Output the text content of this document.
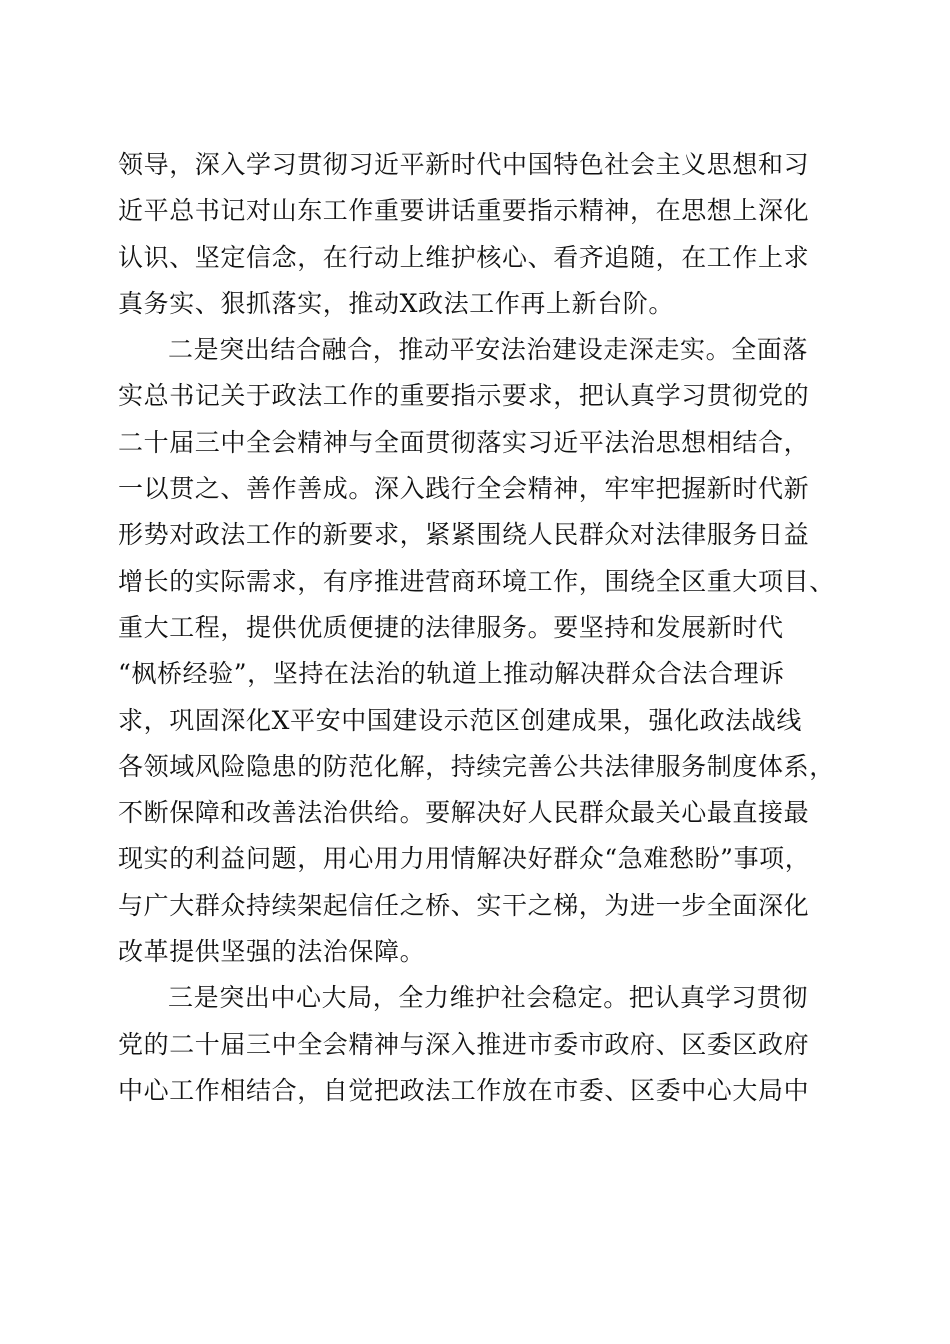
领导，深入学习贯彻习近平新时代中国特色社会主义思想和习
近平总书记对山东工作重要讲话重要指示精神，在思想上深化
认识、坚定信念，在行动上维护核心、看齐追随，在工作上求
真务实、狠抓落实，推动X政法工作再上新台阶。
二是突出结合融合，推动平安法治建设走深走实。全面落
实总书记关于政法工作的重要指示要求，把认真学习贯彻党的
二十届三中全会精神与全面贯彻落实习近平法治思想相结合，
一以贯之、善作善成。深入践行全会精神，牢牢把握新时代新
形势对政法工作的新要求，紧紧围绕人民群众对法律服务日益
增长的实际需求，有序推进营商环境工作，围绕全区重大项目、
重大工程，提供优质便捷的法律服务。要坚持和发展新时代
“枫桥经验”，坚持在法治的轨道上推动解决群众合法合理诉
求，巩固深化X平安中国建设示范区创建成果，强化政法战线
各领域风险隐患的防范化解，持续完善公共法律服务制度体系，
不断保障和改善法治供给。要解决好人民群众最关心最直接最
现实的利益问题，用心用力用情解决好群众“急难愁盼”事项，
与广大群众持续架起信任之桥、实干之梯，为进一步全面深化
改革提供坚强的法治保障。
三是突出中心大局，全力维护社会稳定。把认真学习贯彻
党的二十届三中全会精神与深入推进市委市政府、区委区政府
中心工作相结合，自觉把政法工作放在市委、区委中心大局中
